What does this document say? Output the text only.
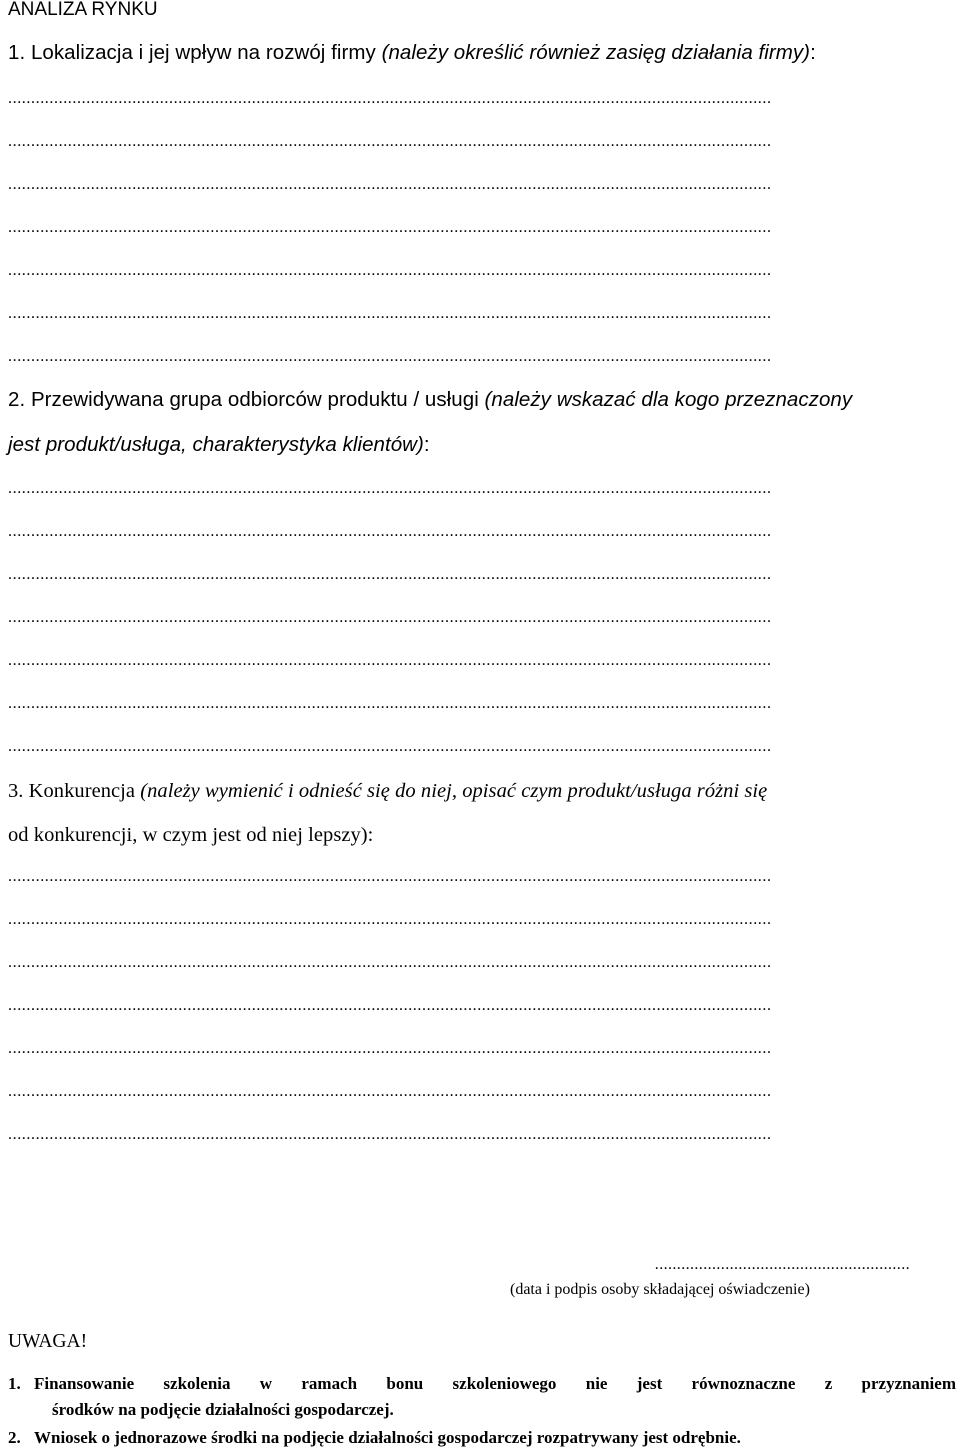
ANALIZA RYNKU
1. Lokalizacja i jej wpływ na rozwój firmy (należy określić również zasięg działania firmy):
......................................................................................................................................................................
......................................................................................................................................................................
......................................................................................................................................................................
......................................................................................................................................................................
......................................................................................................................................................................
......................................................................................................................................................................
......................................................................................................................................................................
2. Przewidywana grupa odbiorców produktu / usługi (należy wskazać dla kogo przeznaczony
jest produkt/usługa, charakterystyka klientów):
......................................................................................................................................................................
......................................................................................................................................................................
......................................................................................................................................................................
......................................................................................................................................................................
......................................................................................................................................................................
......................................................................................................................................................................
......................................................................................................................................................................
3. Konkurencja (należy wymienić i odnieść się do niej, opisać czym produkt/usługa różni się
od konkurencji, w czym jest od niej lepszy):
......................................................................................................................................................................
......................................................................................................................................................................
......................................................................................................................................................................
......................................................................................................................................................................
......................................................................................................................................................................
......................................................................................................................................................................
......................................................................................................................................................................
..........................................................
(data i podpis osoby składającej oświadczenie)
UWAGA!
1. Finansowanie szkolenia w ramach bonu szkoleniowego nie jest równoznaczne z przyznaniem
środków na podjęcie działalności gospodarczej.
2. Wniosek o jednorazowe środki na podjęcie działalności gospodarczej rozpatrywany jest odrębnie.
